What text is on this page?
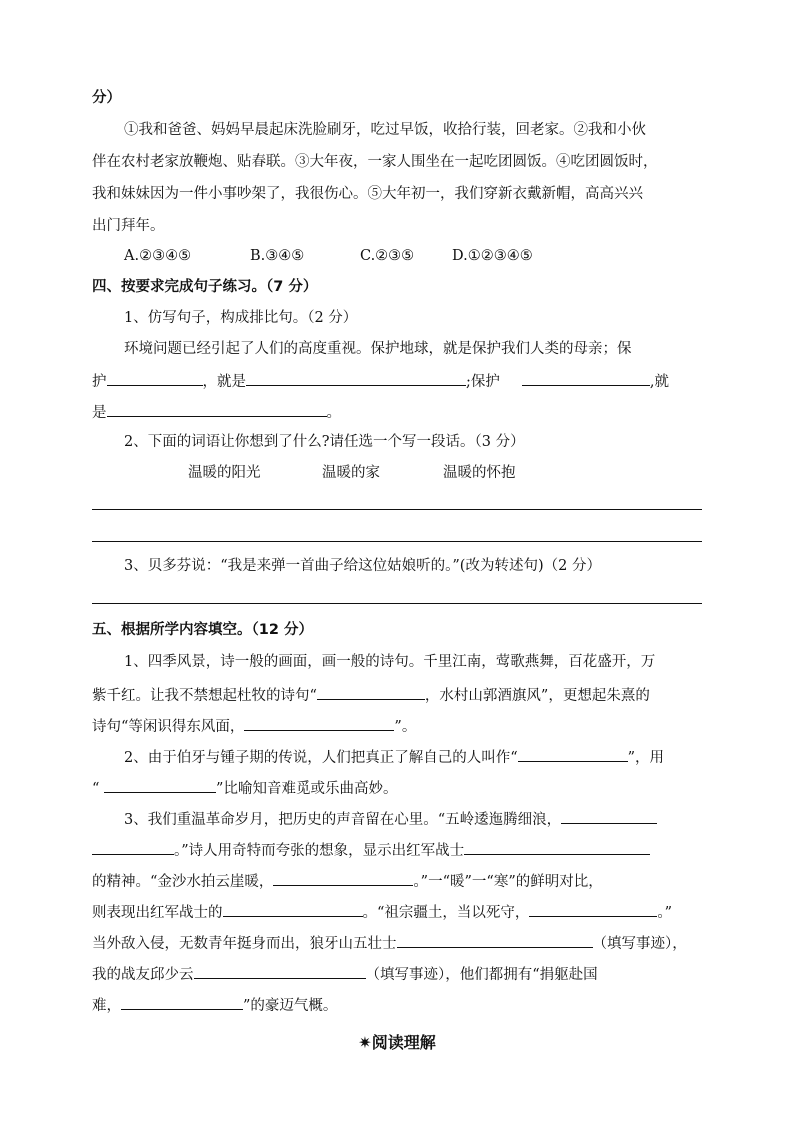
分）
①我和爸爸、妈妈早晨起床洗脸刷牙，吃过早饭，收拾行装，回老家。②我和小伙
伴在农村老家放鞭炮、贴春联。③大年夜，一家人围坐在一起吃团圆饭。④吃团圆饭时，
我和妹妹因为一件小事吵架了，我很伤心。⑤大年初一，我们穿新衣戴新帽，高高兴兴
出门拜年。
A.②③④⑤	B.③④⑤	C.②③⑤	D.①②③④⑤
四、按要求完成句子练习。（7 分）
1、仿写句子，构成排比句。（2 分）
环境问题已经引起了人们的高度重视。保护地球，就是保护我们人类的母亲；保
护	，就是	;保护	,就
是	。
2、下面的词语让你想到了什么?请任选一个写一段话。（3 分）
温暖的阳光	温暖的家	温暖的怀抱
3、贝多芬说：“我是来弹一首曲子给这位姑娘听的。”(改为转述句)（2 分）
五、根据所学内容填空。（12 分）
1、四季风景，诗一般的画面，画一般的诗句。千里江南，莺歌燕舞，百花盛开，万
紫千红。让我不禁想起杜牧的诗句“	，水村山郭酒旗风”，更想起朱熹的
诗句“等闲识得东风面，	”。
2、由于伯牙与锺子期的传说，人们把真正了解自己的人叫作“	”，用
“	”比喻知音难觅或乐曲高妙。
3、我们重温革命岁月，把历史的声音留在心里。“五岭逶迤腾细浪，
。”诗人用奇特而夸张的想象，显示出红军战士
的精神。“金沙水拍云崖暖，	。”一“暖”一“寒”的鲜明对比，
则表现出红军战士的	。“祖宗疆土，当以死守，	。”
当外敌入侵，无数青年挺身而出，狼牙山五壮士	（填写事迹），
我的战友邱少云	（填写事迹），他们都拥有“捐躯赴国
难，	”的豪迈气概。
✷阅读理解
